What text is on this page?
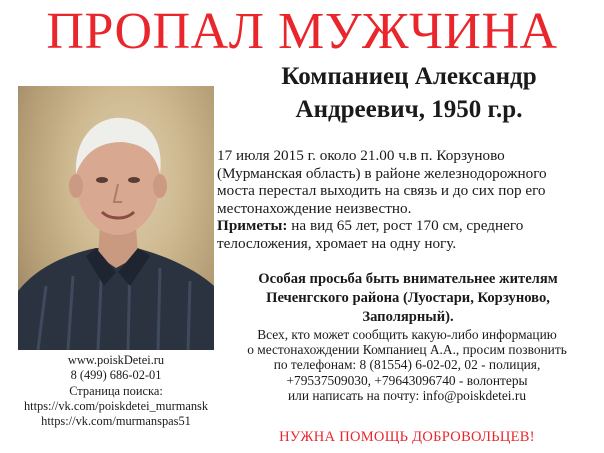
ПРОПАЛ МУЖЧИНА
Компаниец Александр
Андреевич, 1950 г.р.
17 июля 2015 г. около 21.00 ч.в п. Корзуново
(Мурманская область) в районе железнодорожного
моста перестал выходить на связь и до сих пор его
местонахождение неизвестно.
Приметы: на вид 65 лет, рост 170 см, среднего
телосложения, хромает на одну ногу.
Особая просьба быть внимательнее жителям
Печенгского района (Луостари, Корзуново,
Заполярный).
Всех, кто может сообщить какую-либо информацию
о местонахождении Компаниец А.А., просим позвонить
по телефонам: 8 (81554) 6-02-02, 02 - полиция,
+79537509030, +79643096740 - волонтеры
или написать на почту: info@poiskdetei.ru
www.poiskDetei.ru
8 (499) 686-02-01
Страница поиска:
https://vk.com/poiskdetei_murmansk
https://vk.com/murmanspas51
НУЖНА ПОМОЩЬ ДОБРОВОЛЬЦЕВ!
